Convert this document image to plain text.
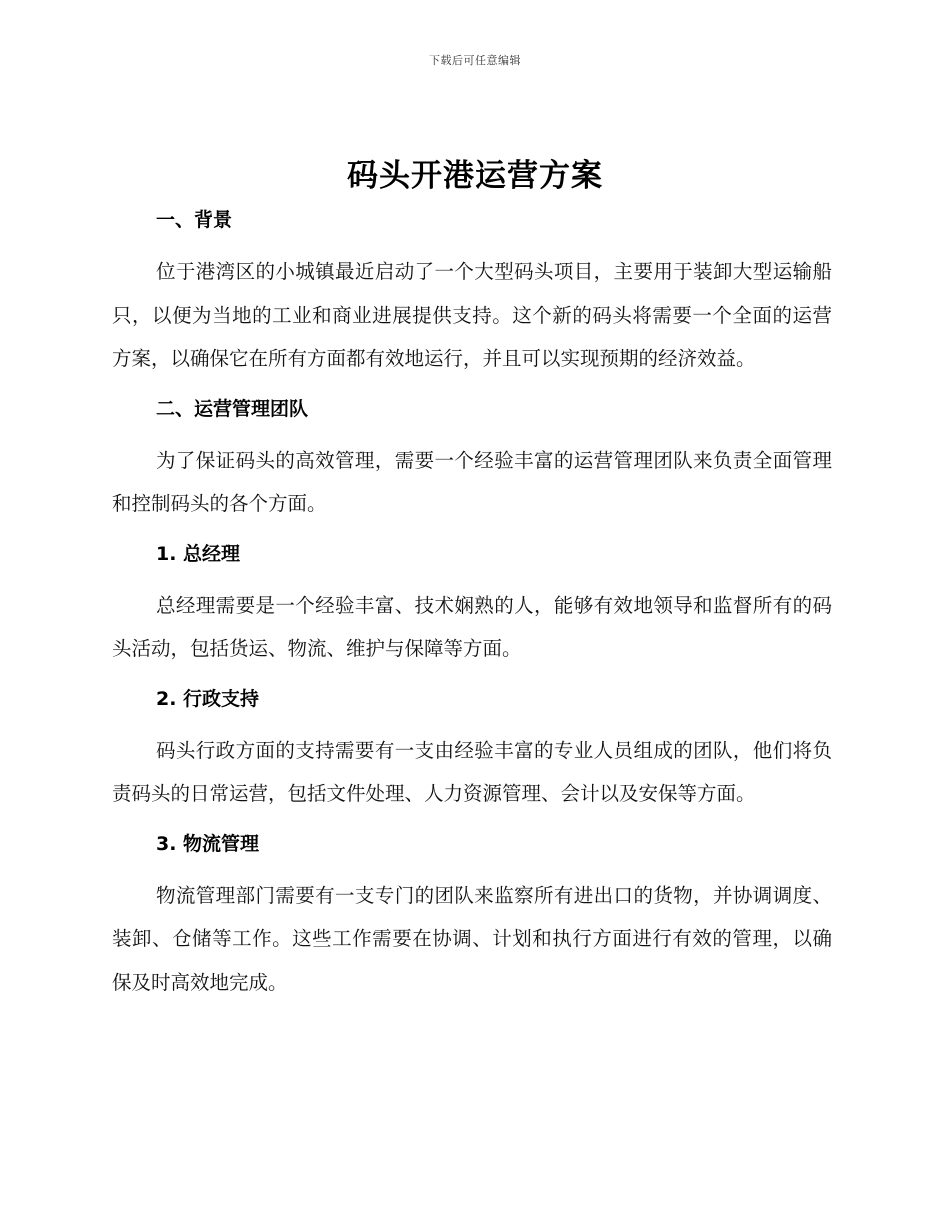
下载后可任意编辑
码头开港运营方案
一、背景

位于港湾区的小城镇最近启动了一个大型码头项目，主要用于装卸大型运输船只，以便为当地的工业和商业进展提供支持。这个新的码头将需要一个全面的运营方案，以确保它在所有方面都有效地运行，并且可以实现预期的经济效益。

二、运营管理团队

为了保证码头的高效管理，需要一个经验丰富的运营管理团队来负责全面管理和控制码头的各个方面。

1. 总经理

总经理需要是一个经验丰富、技术娴熟的人，能够有效地领导和监督所有的码头活动，包括货运、物流、维护与保障等方面。

2. 行政支持

码头行政方面的支持需要有一支由经验丰富的专业人员组成的团队，他们将负责码头的日常运营，包括文件处理、人力资源管理、会计以及安保等方面。

3. 物流管理

物流管理部门需要有一支专门的团队来监察所有进出口的货物，并协调调度、装卸、仓储等工作。这些工作需要在协调、计划和执行方面进行有效的管理，以确保及时高效地完成。
